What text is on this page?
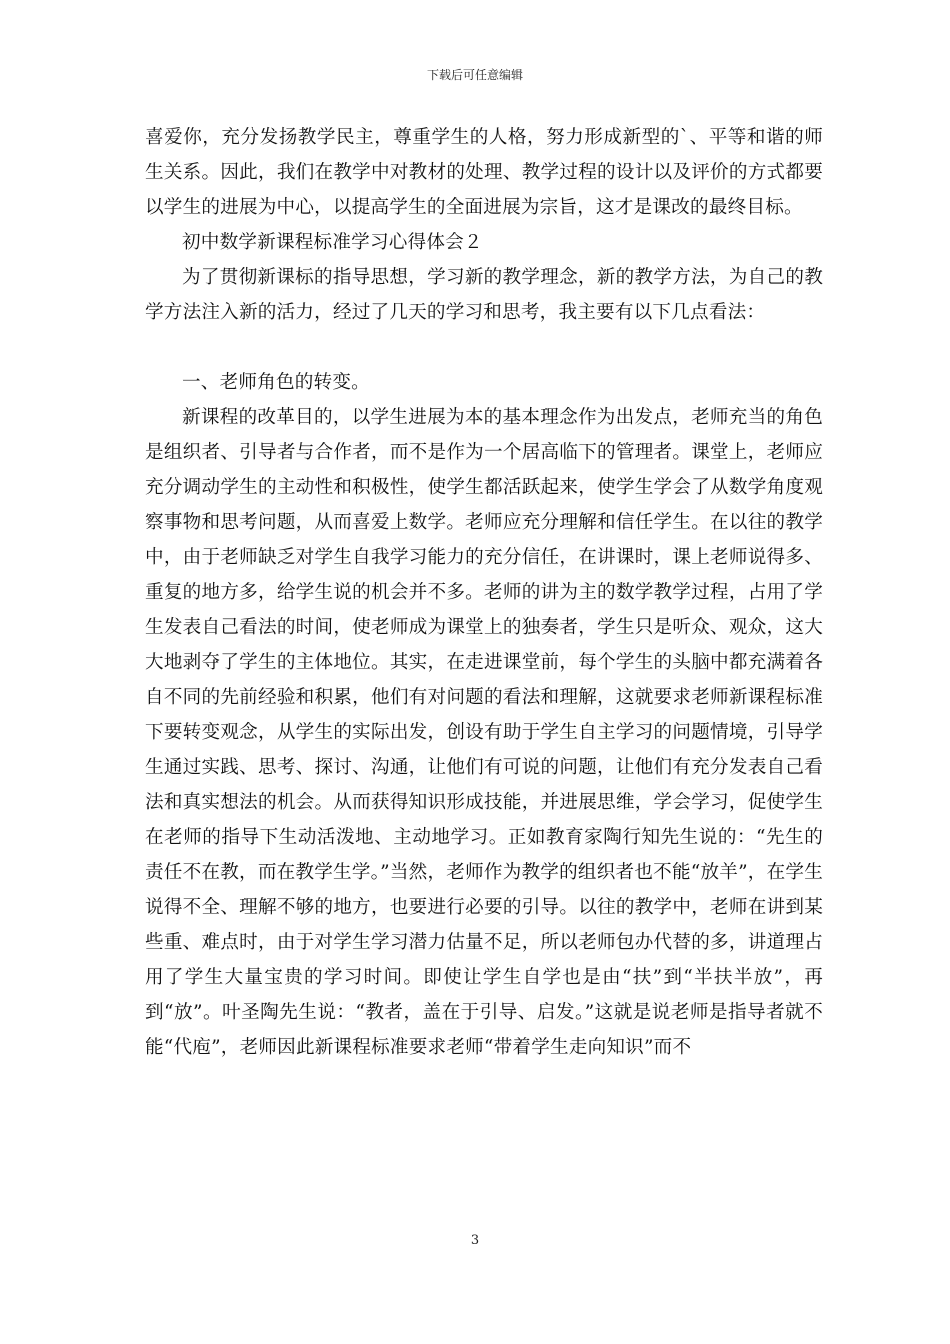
下载后可任意编辑

喜爱你，充分发扬教学民主，尊重学生的人格，努力形成新型的`、平等和谐的师生关系。因此，我们在教学中对教材的处理、教学过程的设计以及评价的方式都要以学生的进展为中心，以提高学生的全面进展为宗旨，这才是课改的最终目标。

初中数学新课程标准学习心得体会２

为了贯彻新课标的指导思想，学习新的教学理念，新的教学方法，为自己的教学方法注入新的活力，经过了几天的学习和思考，我主要有以下几点看法：

一、老师角色的转变。

新课程的改革目的，以学生进展为本的基本理念作为出发点，老师充当的角色是组织者、引导者与合作者，而不是作为一个居高临下的管理者。课堂上，老师应充分调动学生的主动性和积极性，使学生都活跃起来，使学生学会了从数学角度观察事物和思考问题，从而喜爱上数学。老师应充分理解和信任学生。在以往的教学中，由于老师缺乏对学生自我学习能力的充分信任，在讲课时，课上老师说得多、重复的地方多，给学生说的机会并不多。老师的讲为主的数学教学过程，占用了学生发表自己看法的时间，使老师成为课堂上的独奏者，学生只是听众、观众，这大大地剥夺了学生的主体地位。其实，在走进课堂前，每个学生的头脑中都充满着各自不同的先前经验和积累，他们有对问题的看法和理解，这就要求老师新课程标准下要转变观念，从学生的实际出发，创设有助于学生自主学习的问题情境，引导学生通过实践、思考、探讨、沟通，让他们有可说的问题，让他们有充分发表自己看法和真实想法的机会。从而获得知识形成技能，并进展思维，学会学习，促使学生在老师的指导下生动活泼地、主动地学习。正如教育家陶行知先生说的：“先生的责任不在教，而在教学生学。”当然，老师作为教学的组织者也不能“放羊”，在学生说得不全、理解不够的地方，也要进行必要的引导。以往的教学中，老师在讲到某些重、难点时，由于对学生学习潜力估量不足，所以老师包办代替的多，讲道理占用了学生大量宝贵的学习时间。即使让学生自学也是由“扶”到“半扶半放”，再到“放”。叶圣陶先生说：“教者，盖在于引导、启发。”这就是说老师是指导者就不能“代庖”，老师因此新课程标准要求老师“带着学生走向知识”而不

3
